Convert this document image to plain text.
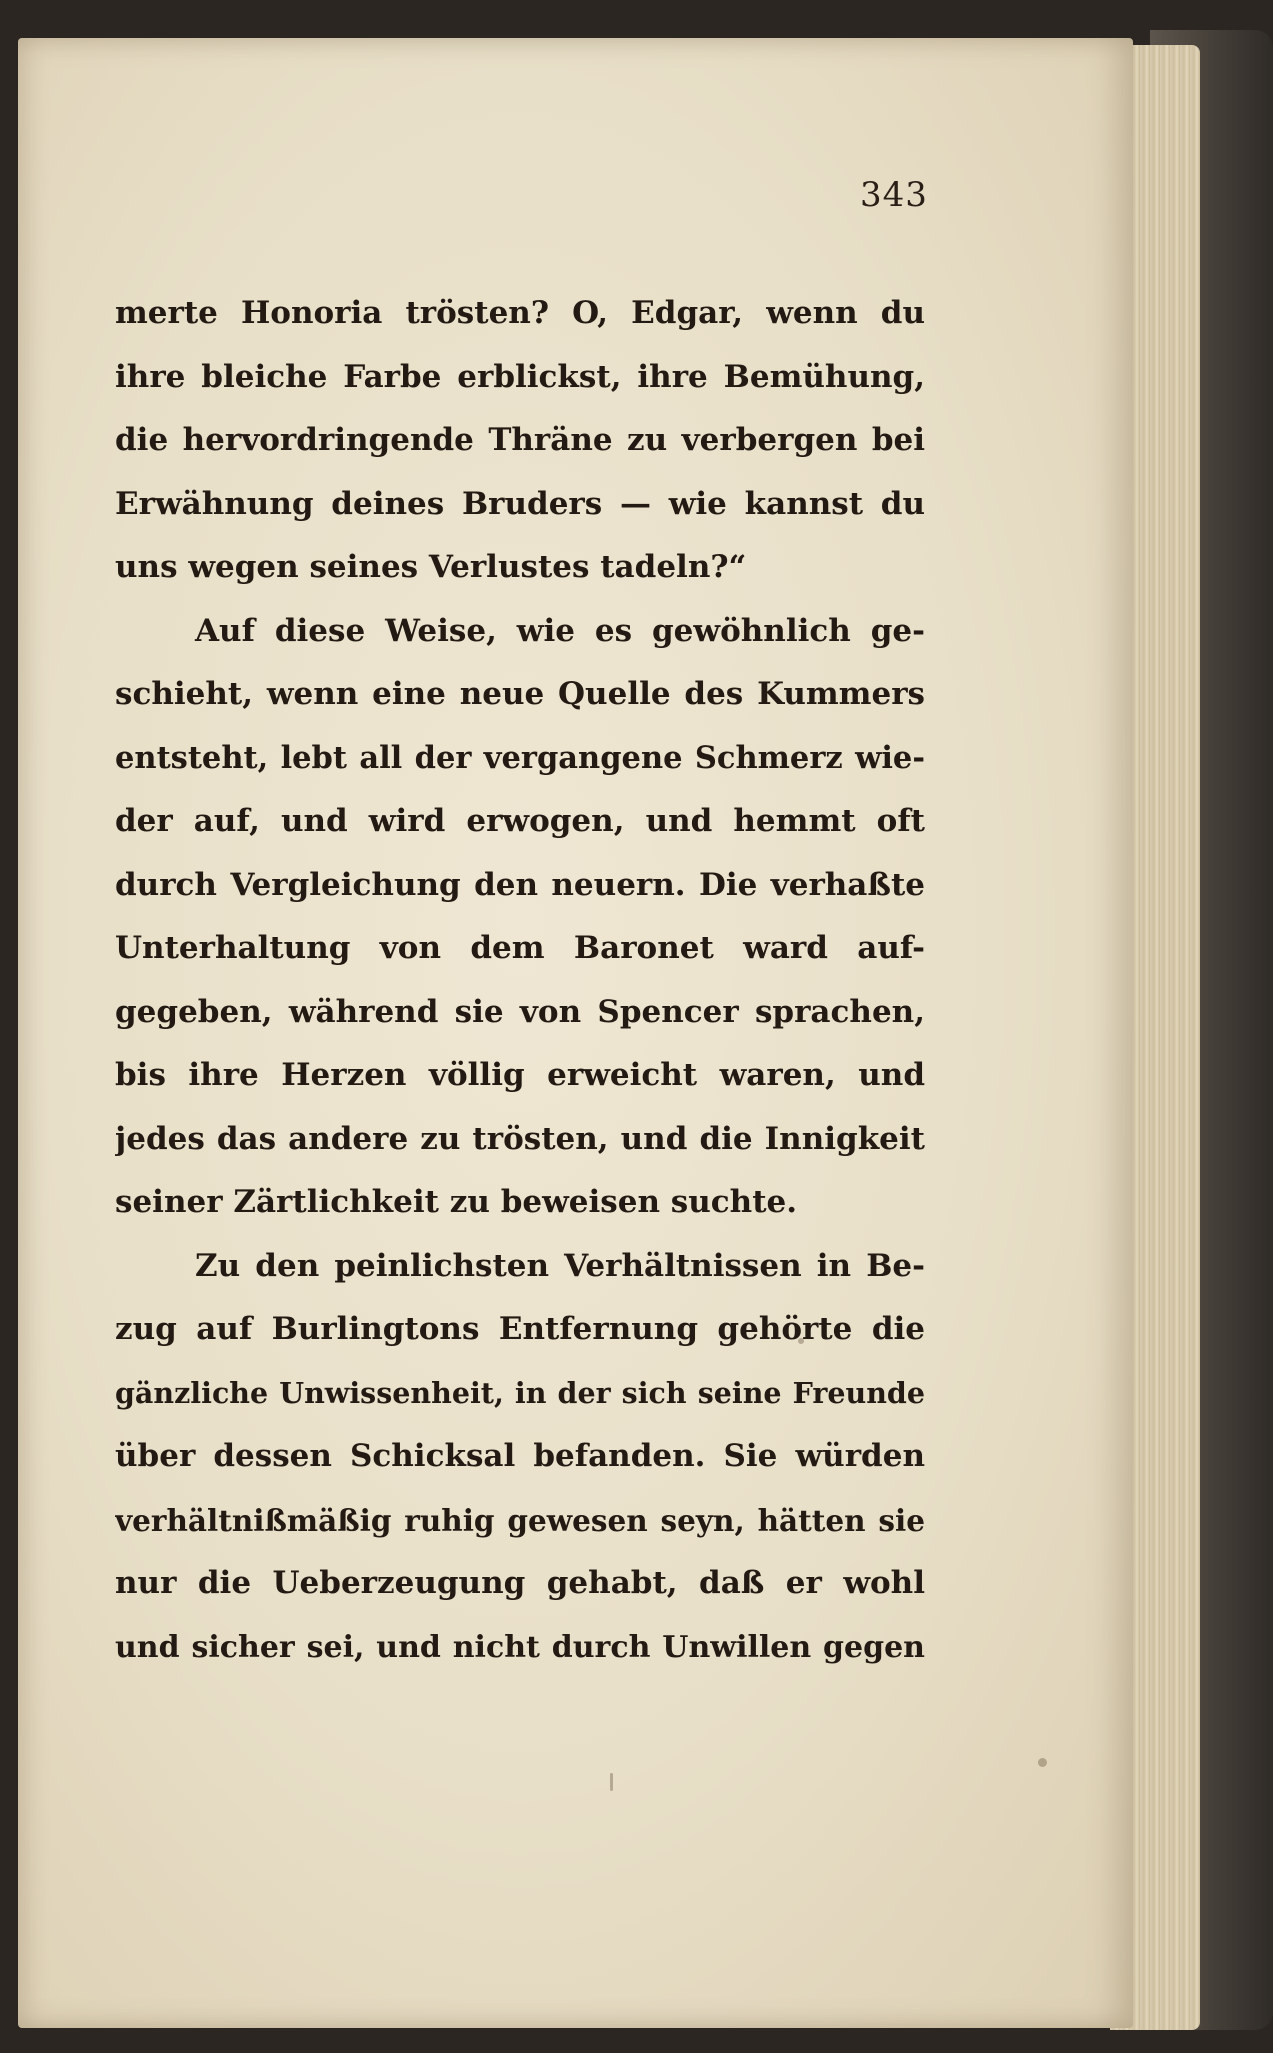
343
merte Honoria trösten? O, Edgar, wenn du
ihre bleiche Farbe erblickst, ihre Bemühung,
die hervordringende Thräne zu verbergen bei
Erwähnung deines Bruders — wie kannst du
uns wegen seines Verlustes tadeln?“
Auf diese Weise, wie es gewöhnlich ge-
schieht, wenn eine neue Quelle des Kummers
entsteht, lebt all der vergangene Schmerz wie-
der auf, und wird erwogen, und hemmt oft
durch Vergleichung den neuern. Die verhaßte
Unterhaltung von dem Baronet ward auf-
gegeben, während sie von Spencer sprachen,
bis ihre Herzen völlig erweicht waren, und
jedes das andere zu trösten, und die Innigkeit
seiner Zärtlichkeit zu beweisen suchte.
Zu den peinlichsten Verhältnissen in Be-
zug auf Burlingtons Entfernung gehörte die
gänzliche Unwissenheit, in der sich seine Freunde
über dessen Schicksal befanden. Sie würden
verhältnißmäßig ruhig gewesen seyn, hätten sie
nur die Ueberzeugung gehabt, daß er wohl
und sicher sei, und nicht durch Unwillen gegen
